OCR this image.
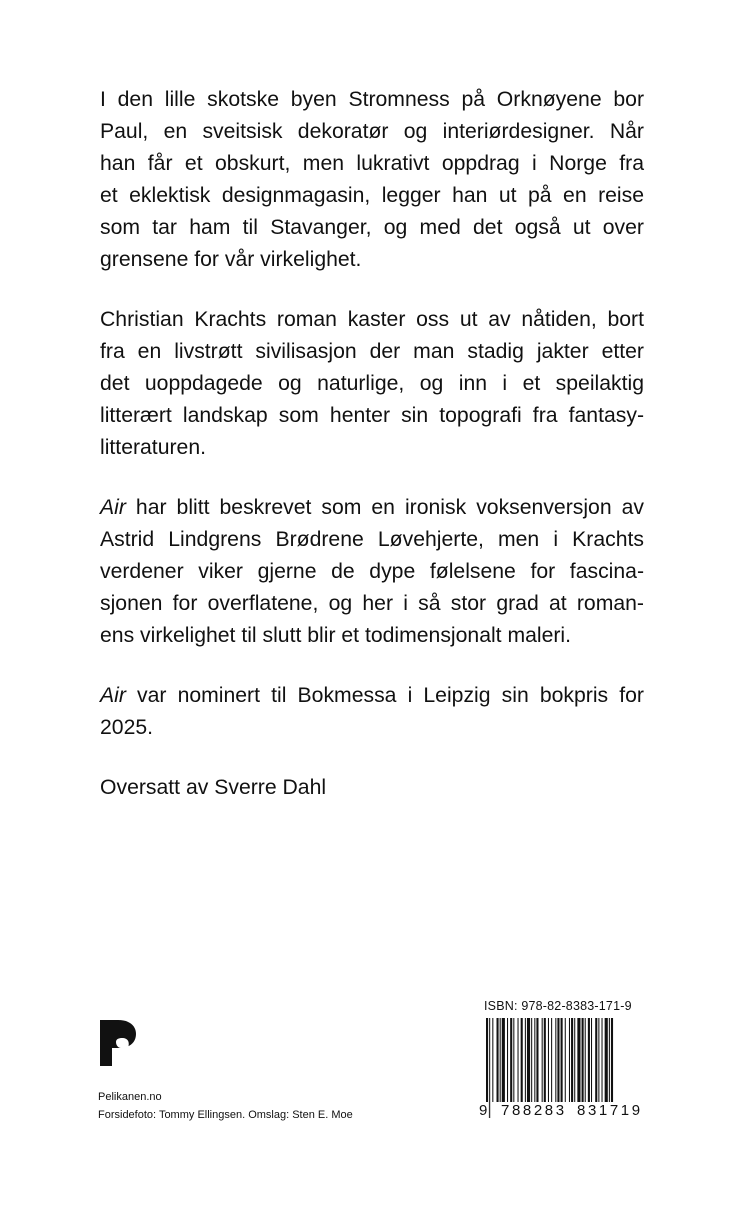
I den lille skotske byen Stromness på Orknøyene bor
Paul, en sveitsisk dekoratør og interiørdesigner. Når
han får et obskurt, men lukrativt oppdrag i Norge fra
et eklektisk designmagasin, legger han ut på en reise
som tar ham til Stavanger, og med det også ut over
grensene for vår virkelighet.

Christian Krachts roman kaster oss ut av nåtiden, bort
fra en livstrøtt sivilisasjon der man stadig jakter etter
det uoppdagede og naturlige, og inn i et speilaktig
litterært landskap som henter sin topografi fra fantasy-
litteraturen.

Air har blitt beskrevet som en ironisk voksenversjon av
Astrid Lindgrens Brødrene Løvehjerte, men i Krachts
verdener viker gjerne de dype følelsene for fascina-
sjonen for overflatene, og her i så stor grad at roman-
ens virkelighet til slutt blir et todimensjonalt maleri.

Air var nominert til Bokmessa i Leipzig sin bokpris for
2025.

Oversatt av Sverre Dahl

Pelikanen.no
Forsidefoto: Tommy Ellingsen. Omslag: Sten E. Moe
ISBN: 978-82-8383-171-9
9 788283 831719
